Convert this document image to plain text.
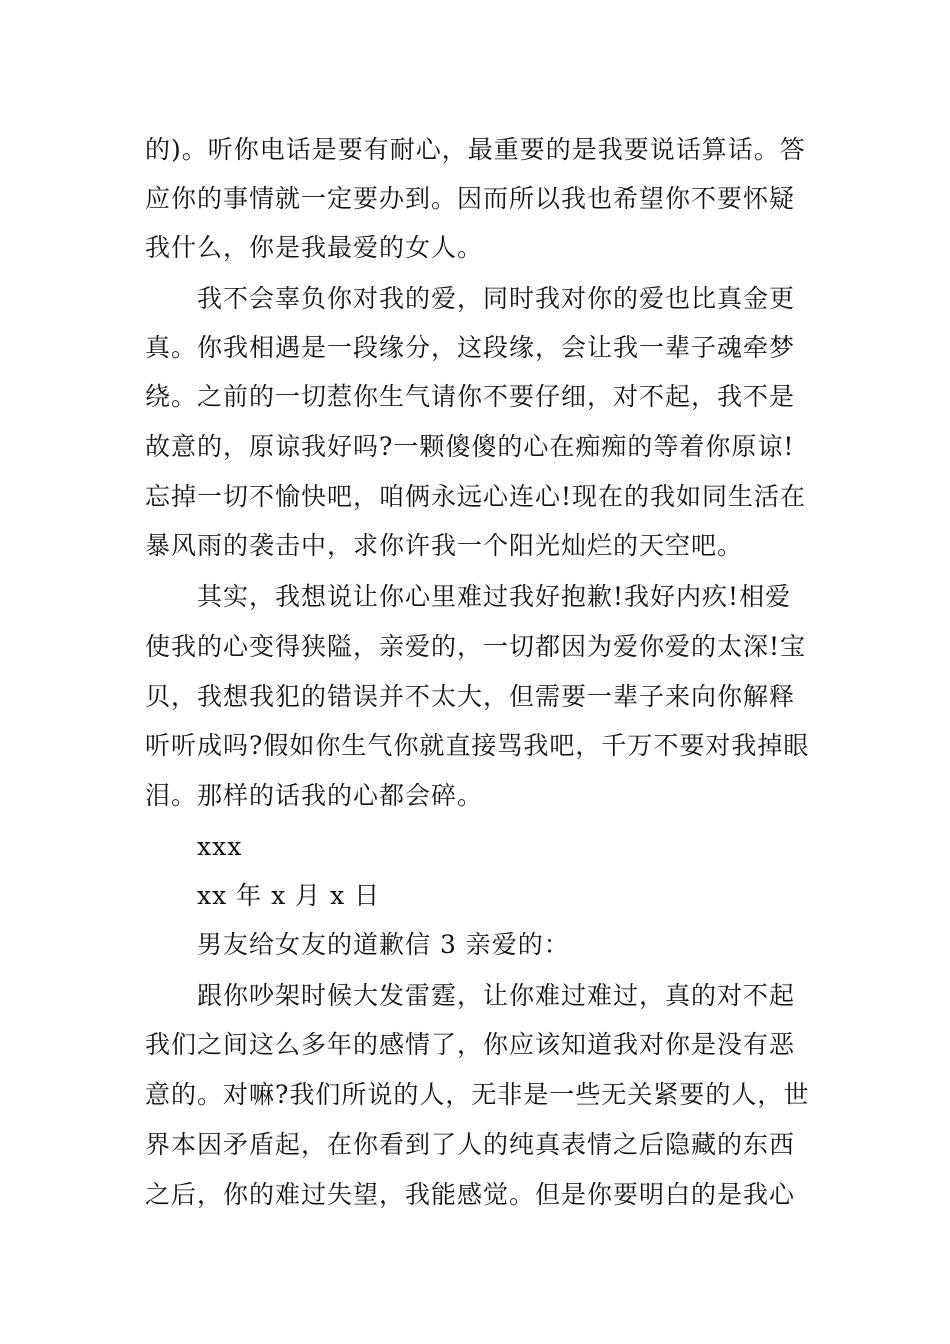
的)。听你电话是要有耐心，最重要的是我要说话算话。答
应你的事情就一定要办到。因而所以我也希望你不要怀疑
我什么，你是我最爱的女人。
我不会辜负你对我的爱，同时我对你的爱也比真金更
真。你我相遇是一段缘分，这段缘，会让我一辈子魂牵梦
绕。之前的一切惹你生气请你不要仔细，对不起，我不是
故意的，原谅我好吗?一颗傻傻的心在痴痴的等着你原谅!
忘掉一切不愉快吧，咱俩永远心连心!现在的我如同生活在
暴风雨的袭击中，求你许我一个阳光灿烂的天空吧。
其实，我想说让你心里难过我好抱歉!我好内疚!相爱
使我的心变得狭隘，亲爱的，一切都因为爱你爱的太深!宝
贝，我想我犯的错误并不太大，但需要一辈子来向你解释
听听成吗?假如你生气你就直接骂我吧，千万不要对我掉眼
泪。那样的话我的心都会碎。
xxx
xx 年 x 月 x 日
男友给女友的道歉信 3 亲爱的：
跟你吵架时候大发雷霆，让你难过难过，真的对不起
我们之间这么多年的感情了，你应该知道我对你是没有恶
意的。对嘛?我们所说的人，无非是一些无关紧要的人，世
界本因矛盾起，在你看到了人的纯真表情之后隐藏的东西
之后，你的难过失望，我能感觉。但是你要明白的是我心
